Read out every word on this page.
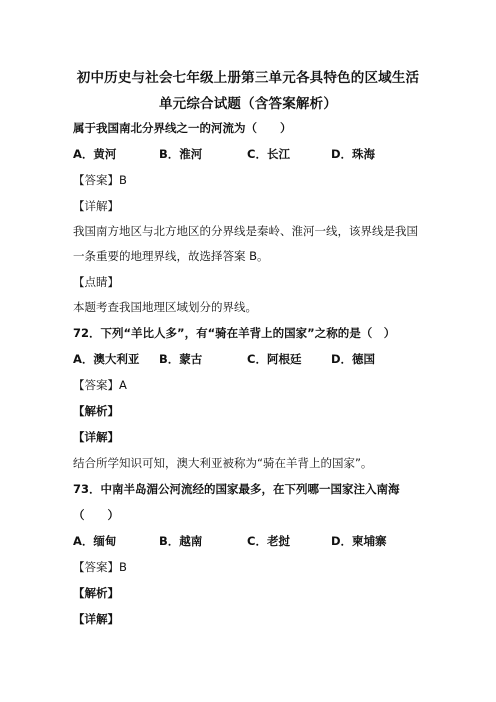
初中历史与社会七年级上册第三单元各具特色的区域生活
单元综合试题（含答案解析）
属于我国南北分界线之一的河流为（　　）
A．黄河	B．淮河	C．长江	D．珠海
【答案】B
【详解】
我国南方地区与北方地区的分界线是秦岭、淮河一线，该界线是我国
一条重要的地理界线，故选择答案 B。
【点睛】
本题考查我国地理区域划分的界线。
72．下列“羊比人多”，有“骑在羊背上的国家”之称的是（　）
A．澳大利亚 B．蒙古	C．阿根廷	D．德国
【答案】A
【解析】
【详解】
结合所学知识可知，澳大利亚被称为“骑在羊背上的国家”。
73．中南半岛湄公河流经的国家最多，在下列哪一国家注入南海
（　　）
A．缅甸	B．越南	C．老挝	D．柬埔寨
【答案】B
【解析】
【详解】
